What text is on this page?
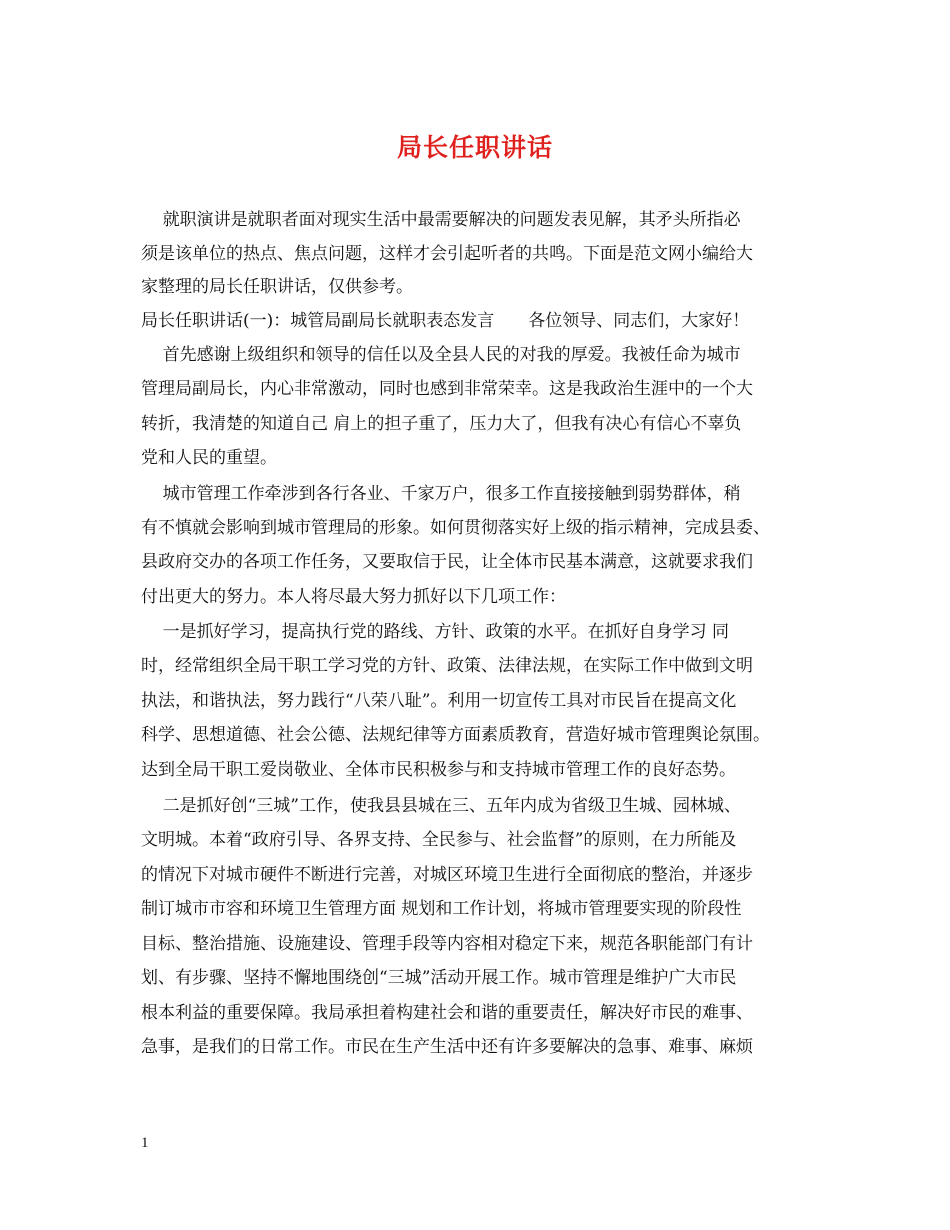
局长任职讲话
就职演讲是就职者面对现实生活中最需要解决的问题发表见解，其矛头所指必
须是该单位的热点、焦点问题，这样才会引起听者的共鸣。下面是范文网小编给大
家整理的局长任职讲话，仅供参考。
局长任职讲话(一)：城管局副局长就职表态发言　　各位领导、同志们，大家好！
首先感谢上级组织和领导的信任以及全县人民的对我的厚爱。我被任命为城市
管理局副局长，内心非常激动，同时也感到非常荣幸。这是我政治生涯中的一个大
转折，我清楚的知道自己 肩上的担子重了，压力大了，但我有决心有信心不辜负
党和人民的重望。
城市管理工作牵涉到各行各业、千家万户，很多工作直接接触到弱势群体，稍
有不慎就会影响到城市管理局的形象。如何贯彻落实好上级的指示精神，完成县委、
县政府交办的各项工作任务，又要取信于民，让全体市民基本满意，这就要求我们
付出更大的努力。本人将尽最大努力抓好以下几项工作：
一是抓好学习，提高执行党的路线、方针、政策的水平。在抓好自身学习 同
时，经常组织全局干职工学习党的方针、政策、法律法规，在实际工作中做到文明
执法，和谐执法，努力践行“八荣八耻”。利用一切宣传工具对市民旨在提高文化
科学、思想道德、社会公德、法规纪律等方面素质教育，营造好城市管理舆论氛围。
达到全局干职工爱岗敬业、全体市民积极参与和支持城市管理工作的良好态势。
二是抓好创“三城”工作，使我县县城在三、五年内成为省级卫生城、园林城、
文明城。本着“政府引导、各界支持、全民参与、社会监督”的原则，在力所能及
的情况下对城市硬件不断进行完善，对城区环境卫生进行全面彻底的整治，并逐步
制订城市市容和环境卫生管理方面 规划和工作计划，将城市管理要实现的阶段性
目标、整治措施、设施建设、管理手段等内容相对稳定下来，规范各职能部门有计
划、有步骤、坚持不懈地围绕创“三城”活动开展工作。城市管理是维护广大市民
根本利益的重要保障。我局承担着构建社会和谐的重要责任，解决好市民的难事、
急事，是我们的日常工作。市民在生产生活中还有许多要解决的急事、难事、麻烦
1
